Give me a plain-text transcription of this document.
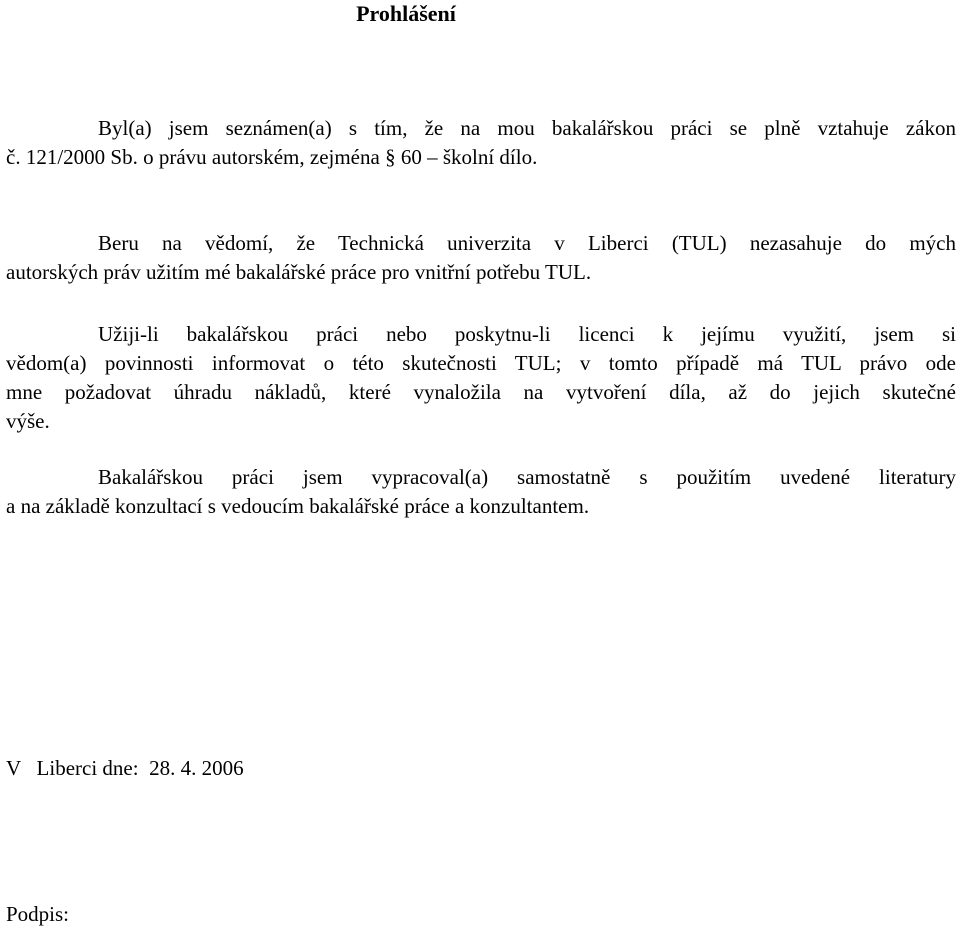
Prohlášení

Byl(a) jsem seznámen(a) s tím, že na mou bakalářskou práci se plně vztahuje zákon
č. 121/2000 Sb. o právu autorském, zejména § 60 – školní dílo.

Beru na vědomí, že Technická univerzita v Liberci (TUL) nezasahuje do mých
autorských práv užitím mé bakalářské práce pro vnitřní potřebu TUL.

Užiji-li bakalářskou práci nebo poskytnu-li licenci k jejímu využití, jsem si
vědom(a) povinnosti informovat o této skutečnosti TUL; v tomto případě má TUL právo ode
mne požadovat úhradu nákladů, které vynaložila na vytvoření díla, až do jejich skutečné
výše.

Bakalářskou práci jsem vypracoval(a) samostatně s použitím uvedené literatury
a na základě konzultací s vedoucím bakalářské práce a konzultantem.

V   Liberci dne:  28. 4. 2006
Podpis:
